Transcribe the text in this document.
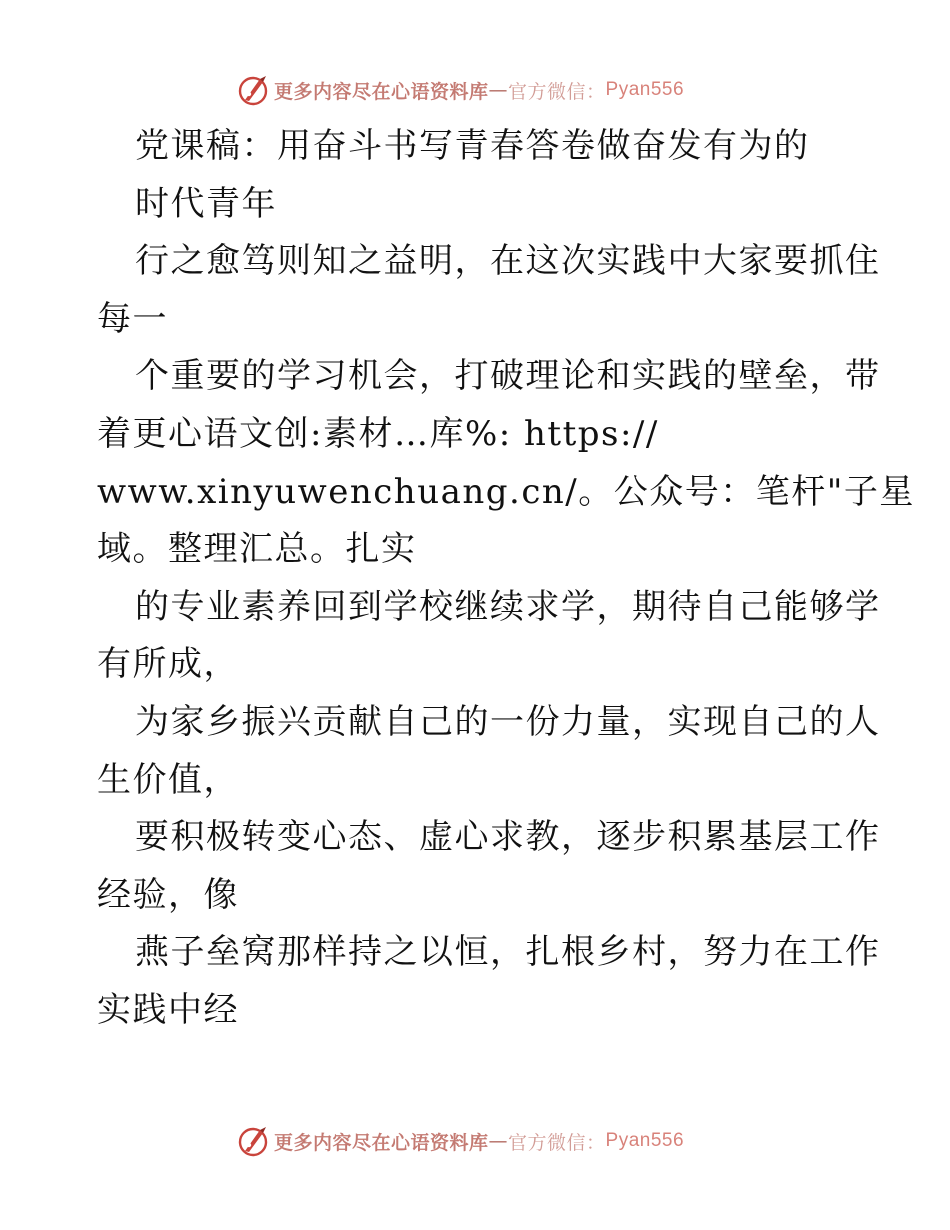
更多内容尽在心语资料库 — 官方微信： Pyan556
党课稿：用奋斗书写青春答卷做奋发有为的
时代青年
行之愈笃则知之益明，在这次实践中大家要抓住
每一
个重要的学习机会，打破理论和实践的壁垒，带
着更心语文创:素材…库%: https://
www.xinyuwenchuang.cn/。公众号：笔杆"子星
域。整理汇总。扎实
的专业素养回到学校继续求学，期待自己能够学
有所成，
为家乡振兴贡献自己的一份力量，实现自己的人
生价值，
要积极转变心态、虚心求教，逐步积累基层工作
经验，像
燕子垒窝那样持之以恒，扎根乡村，努力在工作
实践中经
更多内容尽在心语资料库 — 官方微信： Pyan556
